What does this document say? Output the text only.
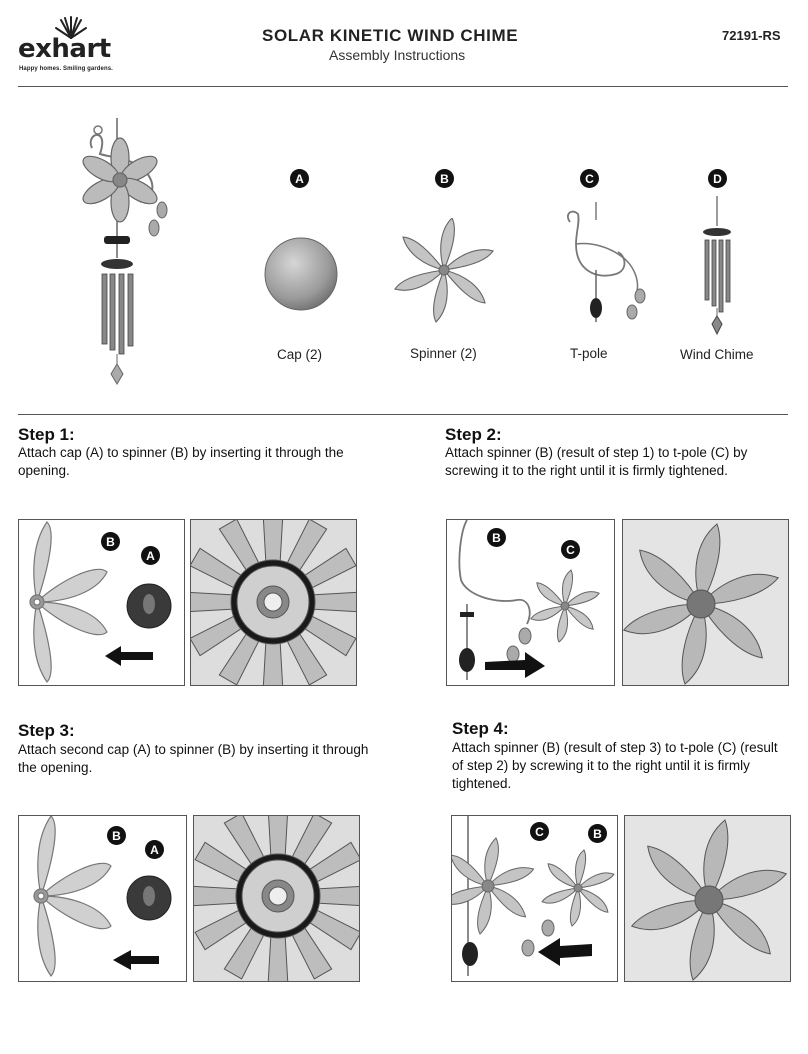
exhart
Happy homes. Smiling gardens.
SOLAR KINETIC WIND CHIME
Assembly Instructions
72191-RS
A
Cap (2)
B
Spinner (2)
C
T-pole
D
Wind Chime
Step 1:
Attach cap (A) to spinner (B) by inserting it through the opening.
B
A
Step 2:
Attach spinner (B) (result of step 1) to t-pole (C) by screwing it to the right until it is firmly tightened.
B
C
Step 3:
Attach second cap (A) to spinner (B) by inserting it through the opening.
B
A
Step 4:
Attach spinner (B) (result of step 3) to t-pole (C) (result of step 2) by screwing it to the right until it is firmly tightened.
C	B
